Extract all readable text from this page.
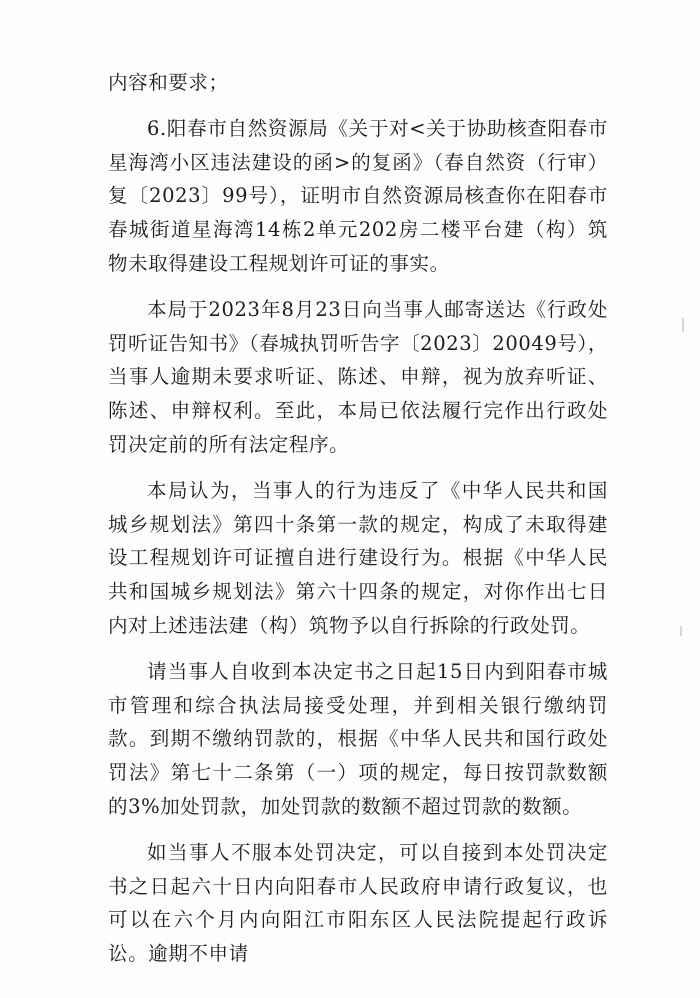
内容和要求；

6.阳春市自然资源局《关于对<关于协助核查阳春市星海湾小区违法建设的函>的复函》（春自然资（行审）复〔2023〕99号），证明市自然资源局核查你在阳春市春城街道星海湾14栋2单元202房二楼平台建（构）筑物未取得建设工程规划许可证的事实。

本局于2023年8月23日向当事人邮寄送达《行政处罚听证告知书》（春城执罚听告字〔2023〕20049号），当事人逾期未要求听证、陈述、申辩，视为放弃听证、陈述、申辩权利。至此，本局已依法履行完作出行政处罚决定前的所有法定程序。

本局认为，当事人的行为违反了《中华人民共和国城乡规划法》第四十条第一款的规定，构成了未取得建设工程规划许可证擅自进行建设行为。根据《中华人民共和国城乡规划法》第六十四条的规定，对你作出七日内对上述违法建（构）筑物予以自行拆除的行政处罚。

请当事人自收到本决定书之日起15日内到阳春市城市管理和综合执法局接受处理，并到相关银行缴纳罚款。到期不缴纳罚款的，根据《中华人民共和国行政处罚法》第七十二条第（一）项的规定，每日按罚款数额的3%加处罚款，加处罚款的数额不超过罚款的数额。

如当事人不服本处罚决定，可以自接到本处罚决定书之日起六十日内向阳春市人民政府申请行政复议，也可以在六个月内向阳江市阳东区人民法院提起行政诉讼。逾期不申请
